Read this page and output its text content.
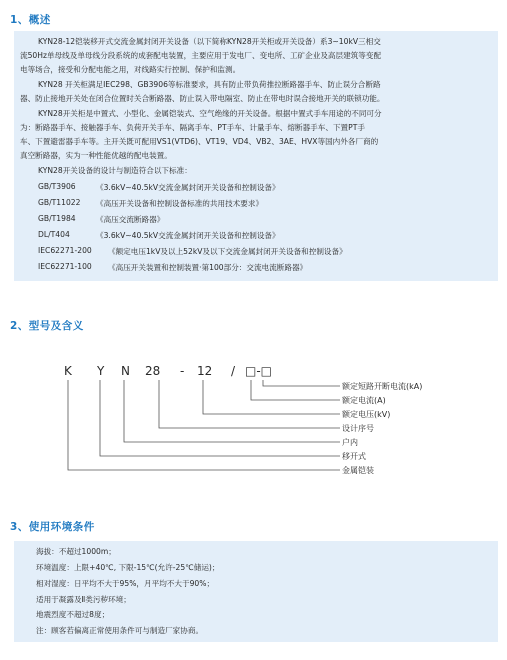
1、概述
KYN28-12铠装移开式交流金属封闭开关设备（以下简称KYN28开关柜或开关设备）系3~10kV三相交
流50Hz单母线及单母线分段系统的成套配电装置，主要应用于发电厂、变电所、工矿企业及高层建筑等变配
电等场合，接受和分配电能之用，对线路实行控制、保护和监测。
KYN28 开关柜满足IEC298、GB3906等标准要求，具有防止带负荷推拉断路器手车、防止误分合断路
器、防止接地开关处在闭合位置时关合断路器、防止误入带电隔室、防止在带电时误合接地开关的联锁功能。
KYN28开关柜是中置式、小型化、金属铠装式、空气绝缘的开关设备。根据中置式手车用途的不同可分
为：断路器手车、接触器手车、负荷开关手车、隔离手车、PT手车、计量手车、熔断器手车、下置PT手
车、下置避雷器手车等。主开关既可配用VS1(VTD6)、VT19、VD4、VB2、3AE、HVX等国内外各厂商的
真空断路器，实为一种性能优越的配电装置。
KYN28开关设备的设计与制造符合以下标准：
GB/T3906	《3.6kV~40.5kV交流金属封闭开关设备和控制设备》
GB/T11022 《高压开关设备和控制设备标准的共用技术要求》
GB/T1984	《高压交流断路器》
DL/T404	《3.6kV~40.5kV交流金属封闭开关设备和控制设备》
IEC62271-200 《额定电压1kV及以上52kV及以下交流金属封闭开关设备和控制设备》
IEC62271-100 《高压开关装置和控制装置·第100部分：交流电流断路器》
2、型号及含义
K Y N 28 - 12 / □-□
额定短路开断电流(kA)
额定电流(A)
额定电压(kV)
设计序号
户内
移开式
金属铠装
3、使用环境条件
海拔：不超过1000m；
环境温度：上限+40℃, 下限-15℃(允许-25℃储运)；
相对湿度：日平均不大于95%，月平均不大于90%；
适用于凝露及Ⅱ类污秽环境；
地震烈度不超过8度；
注：顾客若偏离正常使用条件可与制造厂家协商。
